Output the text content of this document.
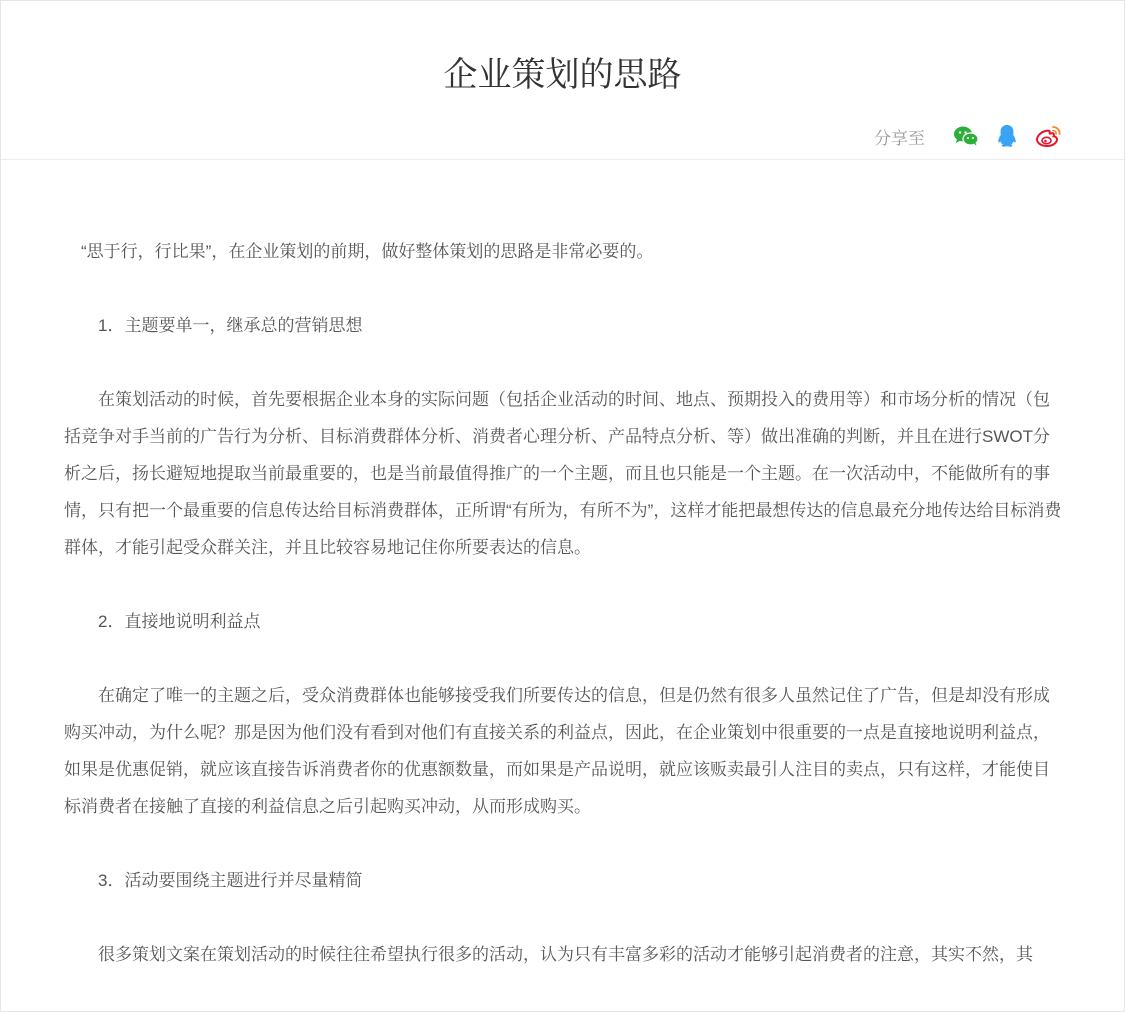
企业策划的思路
分享至

“思于行，行比果”，在企业策划的前期，做好整体策划的思路是非常必要的。

1．主题要单一，继承总的营销思想

在策划活动的时候，首先要根据企业本身的实际问题（包括企业活动的时间、地点、预期投入的费用等）和市场分析的情况（包括竞争对手当前的广告行为分析、目标消费群体分析、消费者心理分析、产品特点分析、等）做出准确的判断，并且在进行SWOT分析之后，扬长避短地提取当前最重要的，也是当前最值得推广的一个主题，而且也只能是一个主题。在一次活动中，不能做所有的事情，只有把一个最重要的信息传达给目标消费群体，正所谓“有所为，有所不为”，这样才能把最想传达的信息最充分地传达给目标消费群体，才能引起受众群关注，并且比较容易地记住你所要表达的信息。

2．直接地说明利益点

在确定了唯一的主题之后，受众消费群体也能够接受我们所要传达的信息，但是仍然有很多人虽然记住了广告，但是却没有形成购买冲动，为什么呢？那是因为他们没有看到对他们有直接关系的利益点，因此，在企业策划中很重要的一点是直接地说明利益点，如果是优惠促销，就应该直接告诉消费者你的优惠额数量，而如果是产品说明，就应该贩卖最引人注目的卖点，只有这样，才能使目标消费者在接触了直接的利益信息之后引起购买冲动，从而形成购买。

3．活动要围绕主题进行并尽量精简

很多策划文案在策划活动的时候往往希望执行很多的活动，认为只有丰富多彩的活动才能够引起消费者的注意，其实不然，其
